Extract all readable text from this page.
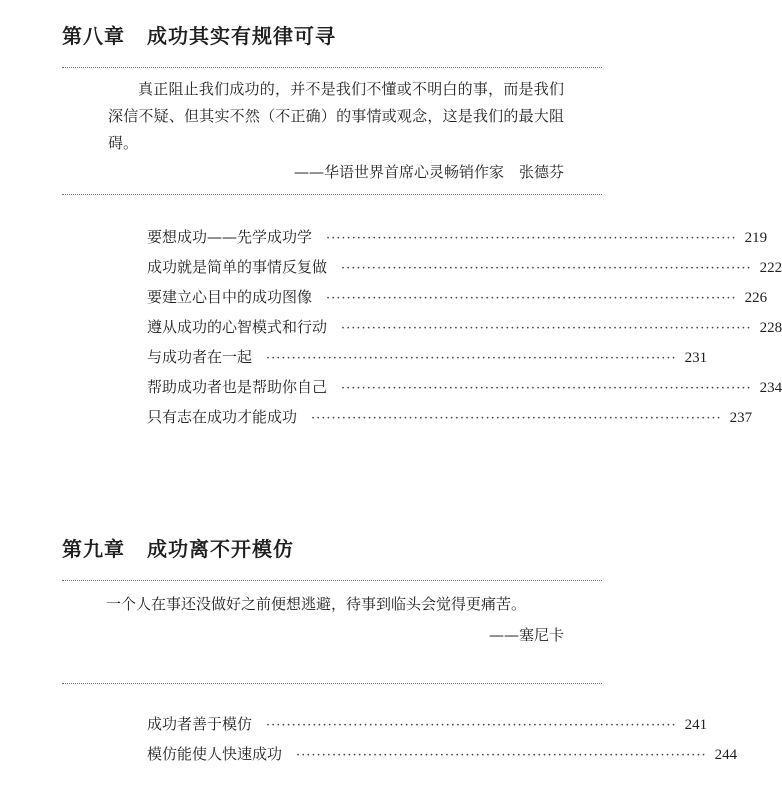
第八章 成功其实有规律可寻

真正阻止我们成功的，并不是我们不懂或不明白的事，而是我们深信不疑、但其实不然（不正确）的事情或观念，这是我们的最大阻碍。

——华语世界首席心灵畅销作家　张德芬

要想成功——先学成功学 ················································································ 219
成功就是简单的事情反复做 ················································································ 222
要建立心目中的成功图像 ················································································ 226
遵从成功的心智模式和行动 ················································································ 228
与成功者在一起 ················································································ 231
帮助成功者也是帮助你自己 ················································································ 234
只有志在成功才能成功 ················································································ 237
第九章 成功离不开模仿

一个人在事还没做好之前便想逃避，待事到临头会觉得更痛苦。

——塞尼卡

成功者善于模仿 ················································································ 241
模仿能使人快速成功 ················································································ 244
